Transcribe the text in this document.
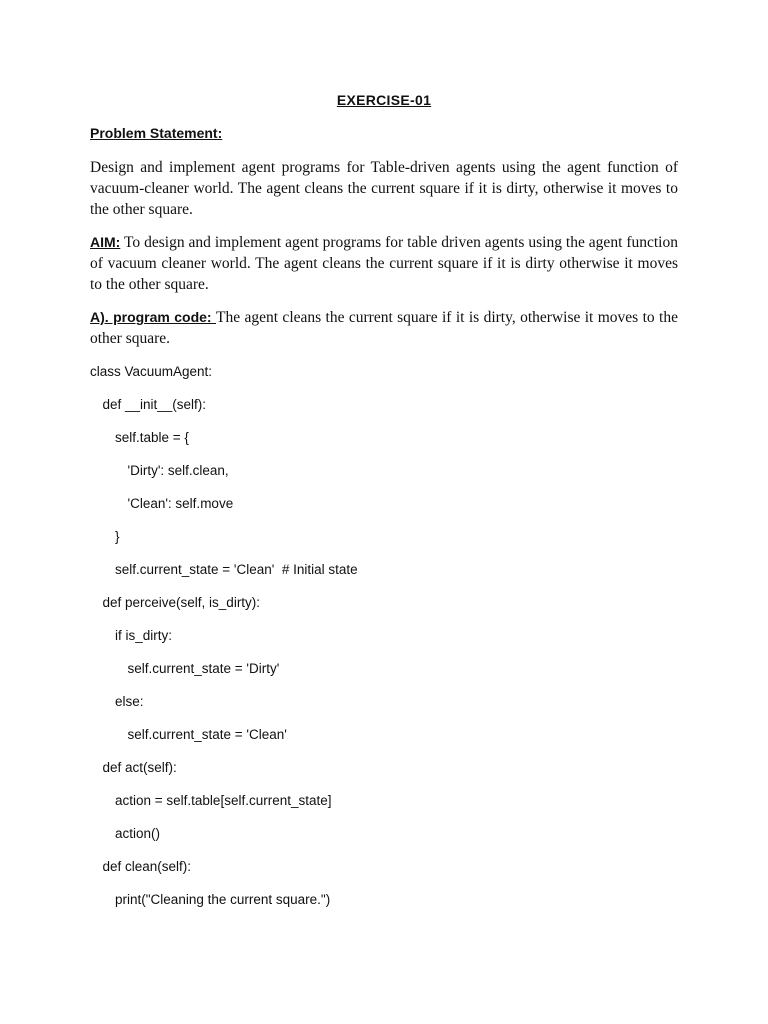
EXERCISE-01
Problem Statement:
Design and implement agent programs for Table-driven agents using the agent function of vacuum-cleaner world. The agent cleans the current square if it is dirty, otherwise it moves to the other square.
AIM: To design and implement agent programs for table driven agents using the agent function of vacuum cleaner world. The agent cleans the current square if it is dirty otherwise it moves to the other square.
A). program code: The agent cleans the current square if it is dirty, otherwise it moves to the other square.
class VacuumAgent:
def __init__(self):
self.table = {
'Dirty': self.clean,
'Clean': self.move
}
self.current_state = 'Clean'  # Initial state
def perceive(self, is_dirty):
if is_dirty:
self.current_state = 'Dirty'
else:
self.current_state = 'Clean'
def act(self):
action = self.table[self.current_state]
action()
def clean(self):
print("Cleaning the current square.")
